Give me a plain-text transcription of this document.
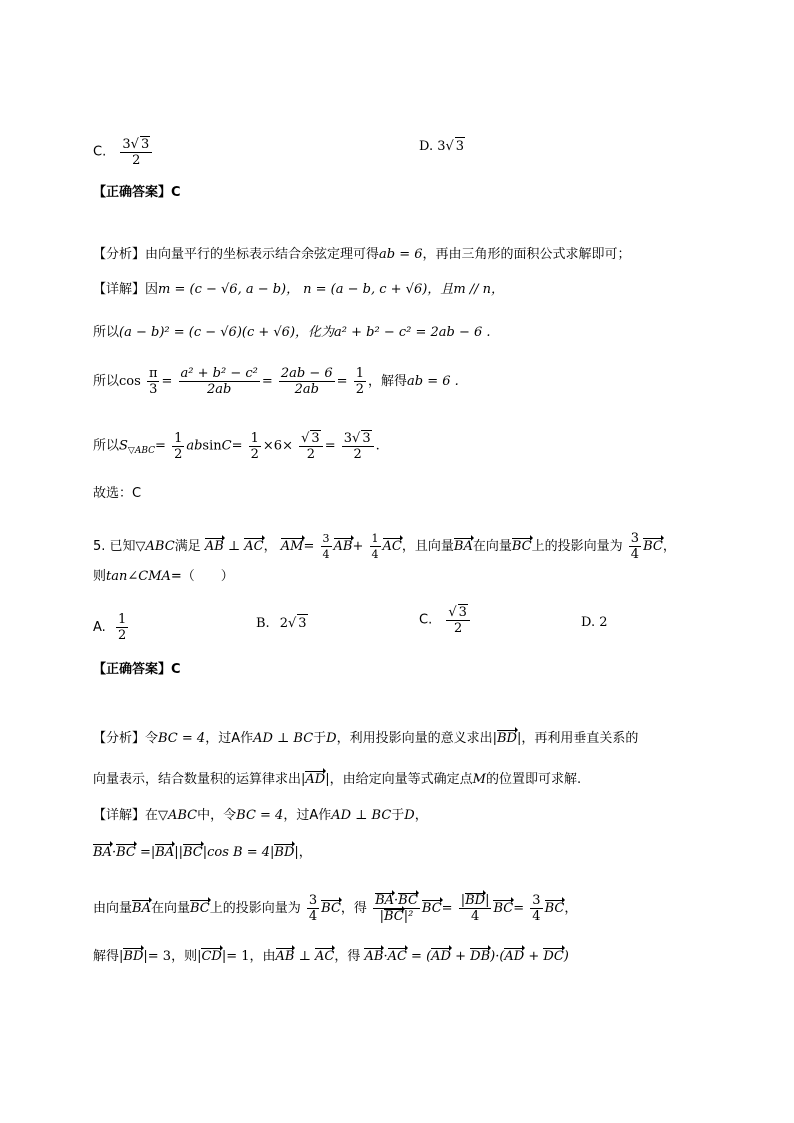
C. $\frac{3√ 3}{2}$	D. 3√ 3
【正确答案】C
【分析】由向量平行的坐标表示结合余弦定理可得ab = 6，再由三角形的面积公式求解即可；
【详解】因m = (c − √6, a − b)， n = (a − b, c + √6)，且m // n，
所以(a − b)² = (c − √6)(c + √6)，化为a² + b² − c² = 2ab − 6 .
所以$\cos \frac{\pi}{3} = \frac{\text{a² + b² − c²}}{2ab} = \frac{2ab - 6}{2ab} = \frac{1}{2}$ ，解得ab = 6 .
所以$S_{▽ABC}= \frac{1}{2} absinC= \frac{1}{2} \times 6\times \frac{√ 3}{2} = \frac{3√ 3}{2}$ .
故选：C
5. 已知▽ABC满足 AB ⊥ AC， $AM= \frac{3}{4} AB+ \frac{1}{4}$ AC，且向量BA在向量BC上的投影向量为 $\frac{3}{4}$ BC，
则tan∠CMA=（　　）
A. $\frac{1}{2}$	B. 2√ 3	C. $\frac{√ 3}{2}$	D. 2
【正确答案】C
【分析】令BC = 4，过A作AD ⊥ BC于D，利用投影向量的意义求出|BD|，再利用垂直关系的
向量表示，结合数量积的运算律求出|AD|，由给定向量等式确定点M的位置即可求解.
【详解】在▽ABC中，令BC = 4，过A作AD ⊥ BC于D，
BA·BC =|BA||BC|cos B = 4|BD|，
由向量BA在向量BC上的投影向量为 $\frac{3}{4}$ BC，得 $\frac{BA\cdot BC}{\text{|BC|²}} BC= \frac{|BD|}{4} BC= \frac{3}{4}$ BC，
解得|BD|= 3，则|CD|= 1，由AB ⊥ AC，得 AB·AC = (AD + DB)·(AD + DC)
